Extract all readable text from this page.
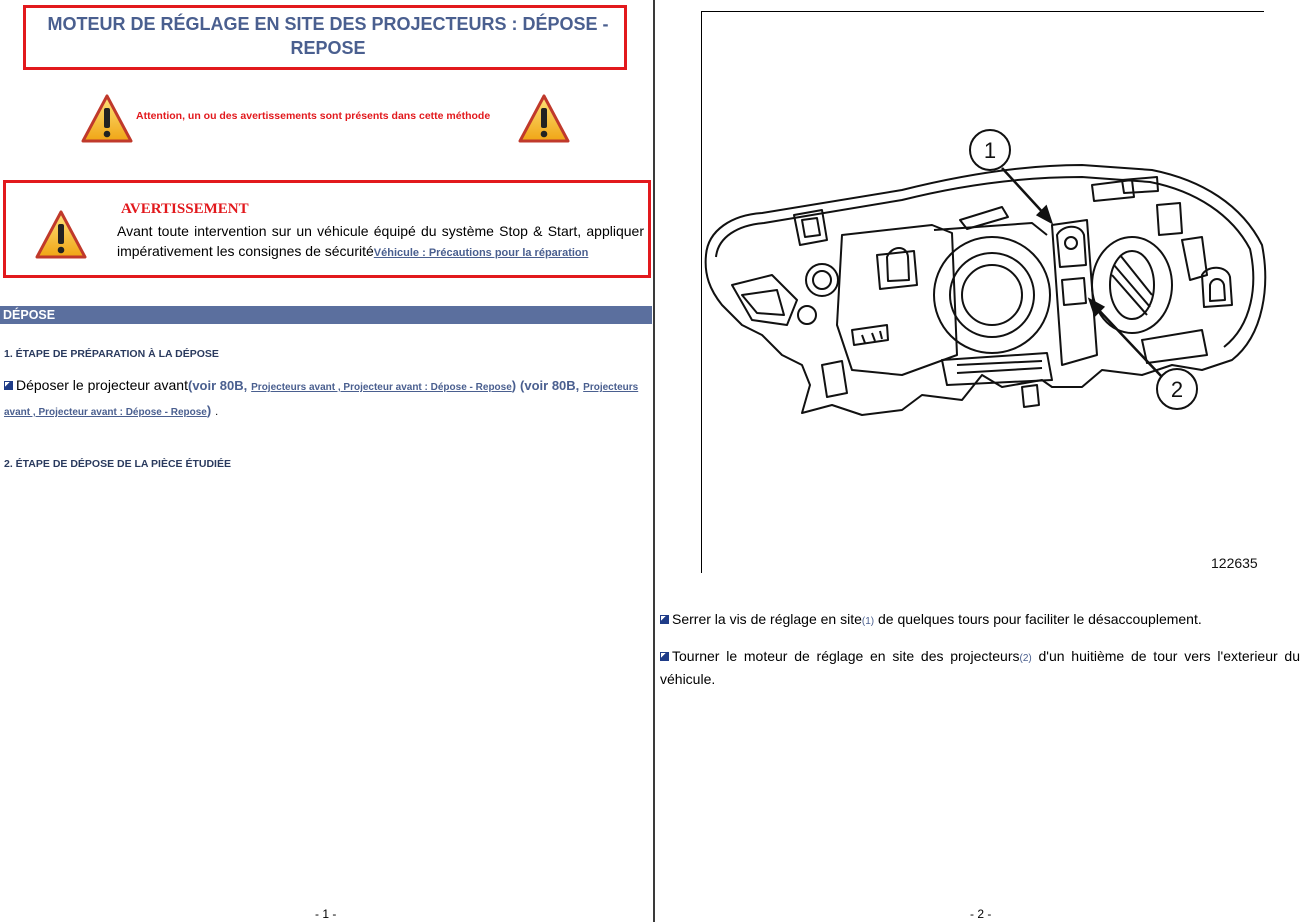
MOTEUR DE RÉGLAGE EN SITE DES PROJECTEURS : DÉPOSE - REPOSE
Attention, un ou des avertissements sont présents dans cette méthode
AVERTISSEMENT
Avant toute intervention sur un véhicule équipé du système Stop & Start, appliquer
impérativement les consignes de sécuritéVéhicule : Précautions pour la réparation
DÉPOSE
1. ÉTAPE DE PRÉPARATION À LA DÉPOSE
Déposer le projecteur avant(voir 80B, Projecteurs avant , Projecteur avant : Dépose - Repose) (voir 80B, Projecteurs avant , Projecteur avant : Dépose - Repose) .
2. ÉTAPE DE DÉPOSE DE LA PIÈCE ÉTUDIÉE
- 1 -
1
2
122635
Serrer la vis de réglage en site(1) de quelques tours pour faciliter le désaccouplement.
Tourner le moteur de réglage en site des projecteurs(2) d'un huitième de tour vers l'exterieur du véhicule.
- 2 -
